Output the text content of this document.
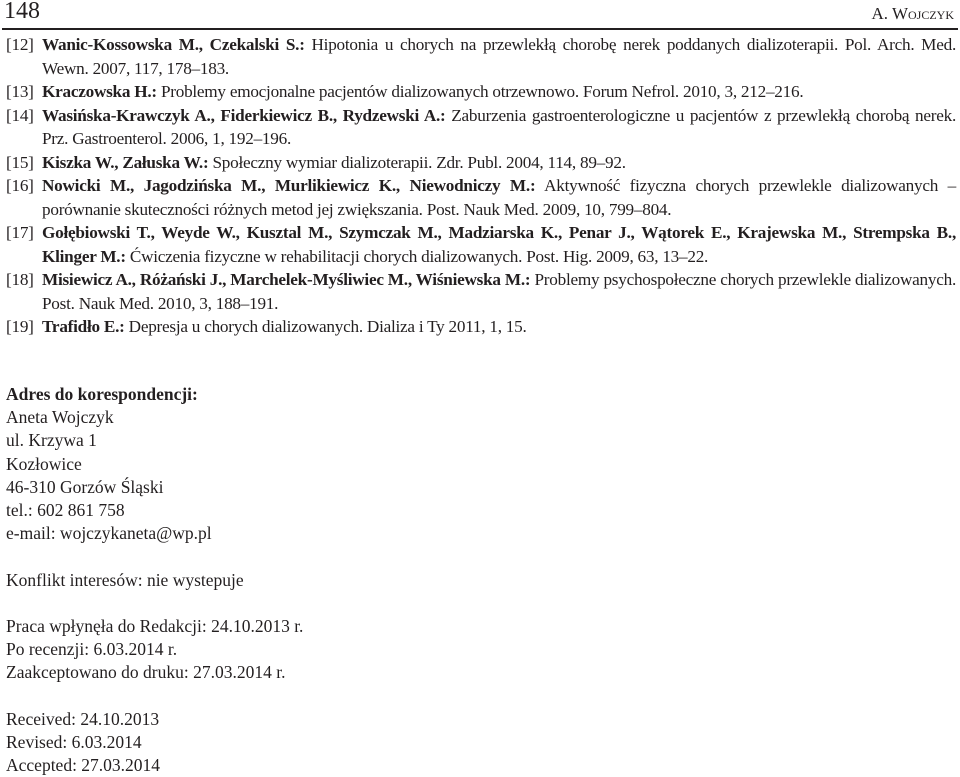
148	A. Wojczyk
[12] Wanic-Kossowska M., Czekalski S.: Hipotonia u chorych na przewlekłą chorobę nerek poddanych dializoterapii. Pol. Arch. Med. Wewn. 2007, 117, 178–183.
[13] Kraczowska H.: Problemy emocjonalne pacjentów dializowanych otrzewnowo. Forum Nefrol. 2010, 3, 212–216.
[14] Wasińska-Krawczyk A., Fiderkiewicz B., Rydzewski A.: Zaburzenia gastroenterologiczne u pacjentów z przewlekłą chorobą nerek. Prz. Gastroenterol. 2006, 1, 192–196.
[15] Kiszka W., Załuska W.: Społeczny wymiar dializoterapii. Zdr. Publ. 2004, 114, 89–92.
[16] Nowicki M., Jagodzińska M., Murlikiewicz K., Niewodniczy M.: Aktywność fizyczna chorych przewlekle dializowanych – porównanie skuteczności różnych metod jej zwiększania. Post. Nauk Med. 2009, 10, 799–804.
[17] Gołębiowski T., Weyde W., Kusztal M., Szymczak M., Madziarska K., Penar J., Wątorek E., Krajewska M., Strempska B., Klinger M.: Ćwiczenia fizyczne w rehabilitacji chorych dializowanych. Post. Hig. 2009, 63, 13–22.
[18] Misiewicz A., Różański J., Marchelek-Myśliwiec M., Wiśniewska M.: Problemy psychospołeczne chorych przewlekle dializowanych. Post. Nauk Med. 2010, 3, 188–191.
[19] Trafidło E.: Depresja u chorych dializowanych. Dializa i Ty 2011, 1, 15.
Adres do korespondencji:
Aneta Wojczyk
ul. Krzywa 1
Kozłowice
46-310 Gorzów Śląski
tel.: 602 861 758
e-mail: wojczykaneta@wp.pl
Konflikt interesów: nie wystepuje
Praca wpłynęła do Redakcji: 24.10.2013 r.
Po recenzji: 6.03.2014 r.
Zaakceptowano do druku: 27.03.2014 r.
Received: 24.10.2013
Revised: 6.03.2014
Accepted: 27.03.2014
